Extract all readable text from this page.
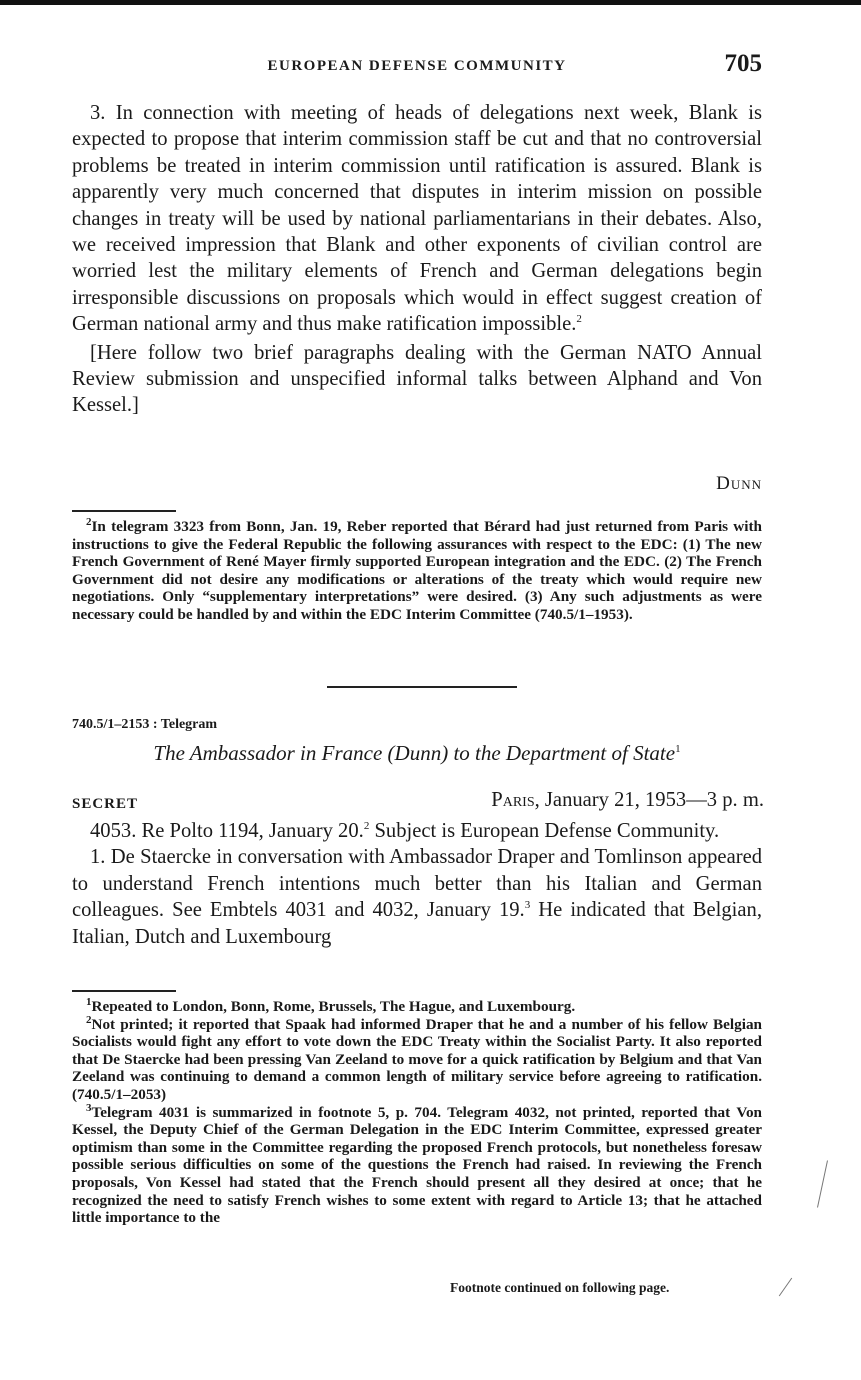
EUROPEAN DEFENSE COMMUNITY	705

3. In connection with meeting of heads of delegations next week, Blank is expected to propose that interim commission staff be cut and that no controversial problems be treated in interim commission until ratification is assured. Blank is apparently very much concerned that disputes in interim mission on possible changes in treaty will be used by national parliamentarians in their debates. Also, we received impression that Blank and other exponents of civilian control are worried lest the military elements of French and German delegations begin irresponsible discussions on proposals which would in effect suggest creation of German national army and thus make ratification impossible.$^2$

[Here follow two brief paragraphs dealing with the German NATO Annual Review submission and unspecified informal talks between Alphand and Von Kessel.]

Dunn

$^2$In telegram 3323 from Bonn, Jan. 19, Reber reported that Bérard had just returned from Paris with instructions to give the Federal Republic the following assurances with respect to the EDC: (1) The new French Government of René Mayer firmly supported European integration and the EDC. (2) The French Government did not desire any modifications or alterations of the treaty which would require new negotiations. Only “supplementary interpretations” were desired. (3) Any such adjustments as were necessary could be handled by and within the EDC Interim Committee (740.5/1–1953).

740.5/1–2153 : Telegram
The Ambassador in France (Dunn) to the Department of State$^1$
SECRET	Paris, January 21, 1953—3 p. m.

4053. Re Polto 1194, January 20.$^2$ Subject is European Defense Community.

1. De Staercke in conversation with Ambassador Draper and Tomlinson appeared to understand French intentions much better than his Italian and German colleagues. See Embtels 4031 and 4032, January 19.$^3$ He indicated that Belgian, Italian, Dutch and Luxembourg

$^1$Repeated to London, Bonn, Rome, Brussels, The Hague, and Luxembourg.

$^2$Not printed; it reported that Spaak had informed Draper that he and a number of his fellow Belgian Socialists would fight any effort to vote down the EDC Treaty within the Socialist Party. It also reported that De Staercke had been pressing Van Zeeland to move for a quick ratification by Belgium and that Van Zeeland was continuing to demand a common length of military service before agreeing to ratification. (740.5/1–2053)

$^3$Telegram 4031 is summarized in footnote 5, p. 704. Telegram 4032, not printed, reported that Von Kessel, the Deputy Chief of the German Delegation in the EDC Interim Committee, expressed greater optimism than some in the Committee regarding the proposed French protocols, but nonetheless foresaw possible serious difficulties on some of the questions the French had raised. In reviewing the French proposals, Von Kessel had stated that the French should present all they desired at once; that he recognized the need to satisfy French wishes to some extent with regard to Article 13; that he attached little importance to the

Footnote continued on following page.
